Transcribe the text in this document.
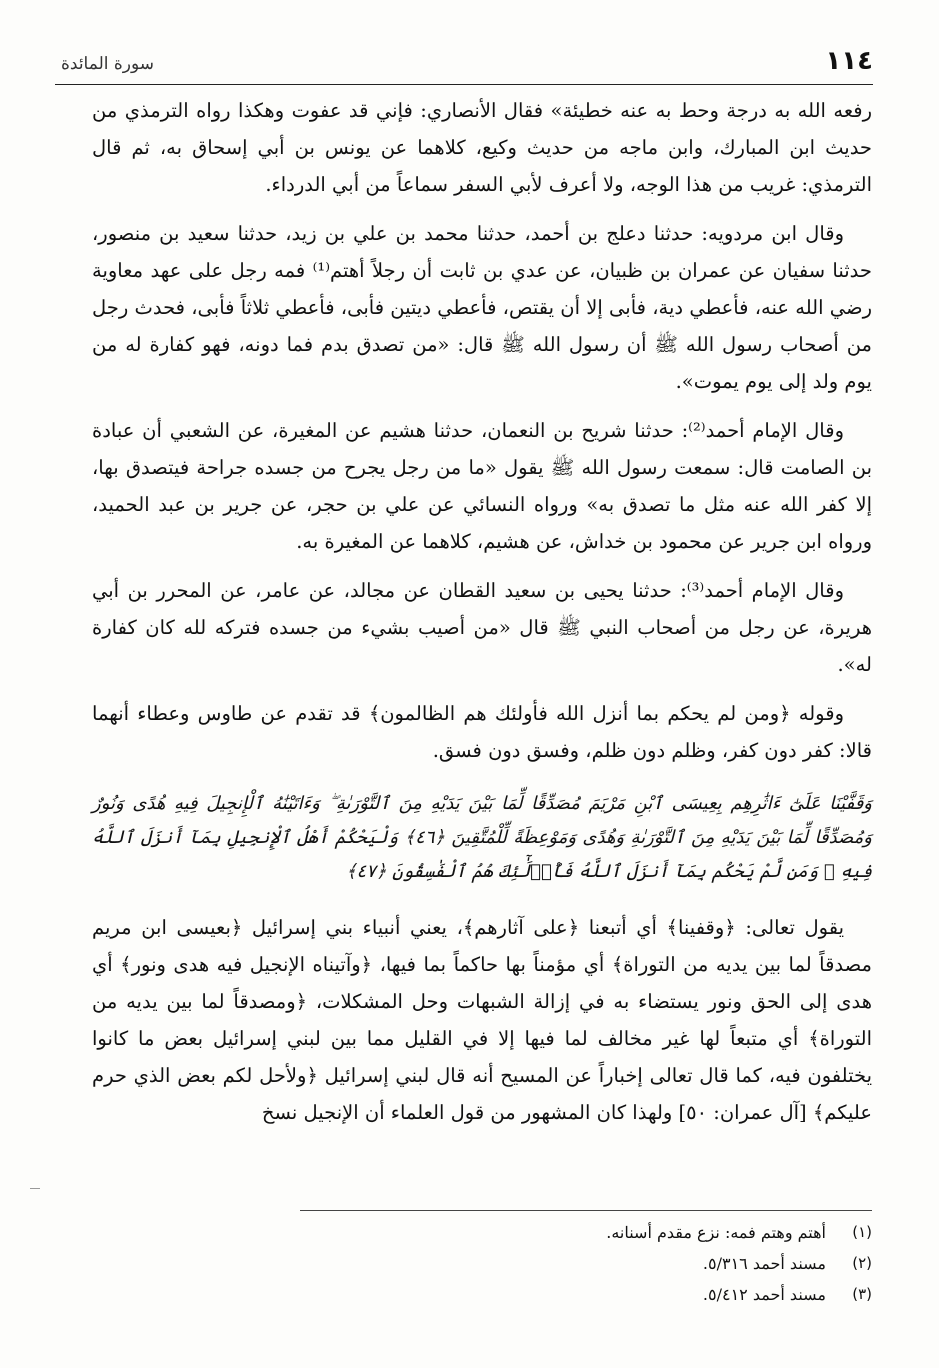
١١٤
سورة المائدة

رفعه الله به درجة وحط به عنه خطيئة» فقال الأنصاري: فإني قد عفوت وهكذا رواه الترمذي من حديث ابن المبارك، وابن ماجه من حديث وكيع، كلاهما عن يونس بن أبي إسحاق به، ثم قال الترمذي: غريب من هذا الوجه، ولا أعرف لأبي السفر سماعاً من أبي الدرداء.

وقال ابن مردويه: حدثنا دعلج بن أحمد، حدثنا محمد بن علي بن زيد، حدثنا سعيد بن منصور، حدثنا سفيان عن عمران بن ظبيان، عن عدي بن ثابت أن رجلاً أهتم⁽¹⁾ فمه رجل على عهد معاوية رضي الله عنه، فأعطي دية، فأبى إلا أن يقتص، فأعطي ديتين فأبى، فأعطي ثلاثاً فأبى، فحدث رجل من أصحاب رسول الله ﷺ أن رسول الله ﷺ قال: «من تصدق بدم فما دونه، فهو كفارة له من يوم ولد إلى يوم يموت».

وقال الإمام أحمد⁽²⁾: حدثنا شريح بن النعمان، حدثنا هشيم عن المغيرة، عن الشعبي أن عبادة بن الصامت قال: سمعت رسول الله ﷺ يقول «ما من رجل يجرح من جسده جراحة فيتصدق بها، إلا كفر الله عنه مثل ما تصدق به» ورواه النسائي عن علي بن حجر، عن جرير بن عبد الحميد، ورواه ابن جرير عن محمود بن خداش، عن هشيم، كلاهما عن المغيرة به.

وقال الإمام أحمد⁽³⁾: حدثنا يحيى بن سعيد القطان عن مجالد، عن عامر، عن المحرر بن أبي هريرة، عن رجل من أصحاب النبي ﷺ قال «من أصيب بشيء من جسده فتركه لله كان كفارة له».

وقوله ﴿ومن لم يحكم بما أنزل الله فأولئك هم الظالمون﴾ قد تقدم عن طاوس وعطاء أنهما قالا: كفر دون كفر، وظلم دون ظلم، وفسق دون فسق.

وَقَفَّيْنَا عَلَىٰٓ ءَاثَٰرِهِم بِعِيسَى ٱبْنِ مَرْيَمَ مُصَدِّقًا لِّمَا بَيْنَ يَدَيْهِ مِنَ ٱلتَّوْرَىٰةِ ۖ وَءَاتَيْنَٰهُ ٱلْإِنجِيلَ فِيهِ هُدًى وَنُورٌ وَمُصَدِّقًا لِّمَا بَيْنَ يَدَيْهِ مِنَ ٱلتَّوْرَىٰةِ وَهُدًى وَمَوْعِظَةً لِّلْمُتَّقِينَ ﴿٤٦﴾ وَلْيَحْكُمْ أَهْلُ ٱلْإِنجِيلِ بِمَآ أَنزَلَ ٱللَّهُ فِيهِ ۚ وَمَن لَّمْ يَحْكُم بِمَآ أَنزَلَ ٱللَّهُ فَأُو۟لَٰٓئِكَ هُمُ ٱلْفَٰسِقُونَ ﴿٤٧﴾

يقول تعالى: ﴿وقفينا﴾ أي أتبعنا ﴿على آثارهم﴾، يعني أنبياء بني إسرائيل ﴿بعيسى ابن مريم مصدقاً لما بين يديه من التوراة﴾ أي مؤمناً بها حاكماً بما فيها، ﴿وآتيناه الإنجيل فيه هدى ونور﴾ أي هدى إلى الحق ونور يستضاء به في إزالة الشبهات وحل المشكلات، ﴿ومصدقاً لما بين يديه من التوراة﴾ أي متبعاً لها غير مخالف لما فيها إلا في القليل مما بين لبني إسرائيل بعض ما كانوا يختلفون فيه، كما قال تعالى إخباراً عن المسيح أنه قال لبني إسرائيل ﴿ولأحل لكم بعض الذي حرم عليكم﴾ [آل عمران: ٥٠] ولهذا كان المشهور من قول العلماء أن الإنجيل نسخ

(١)
أهتم وهتم فمه: نزع مقدم أسنانه.
(٢)
مسند أحمد ٥/٣١٦.
(٣)
مسند أحمد ٥/٤١٢.
